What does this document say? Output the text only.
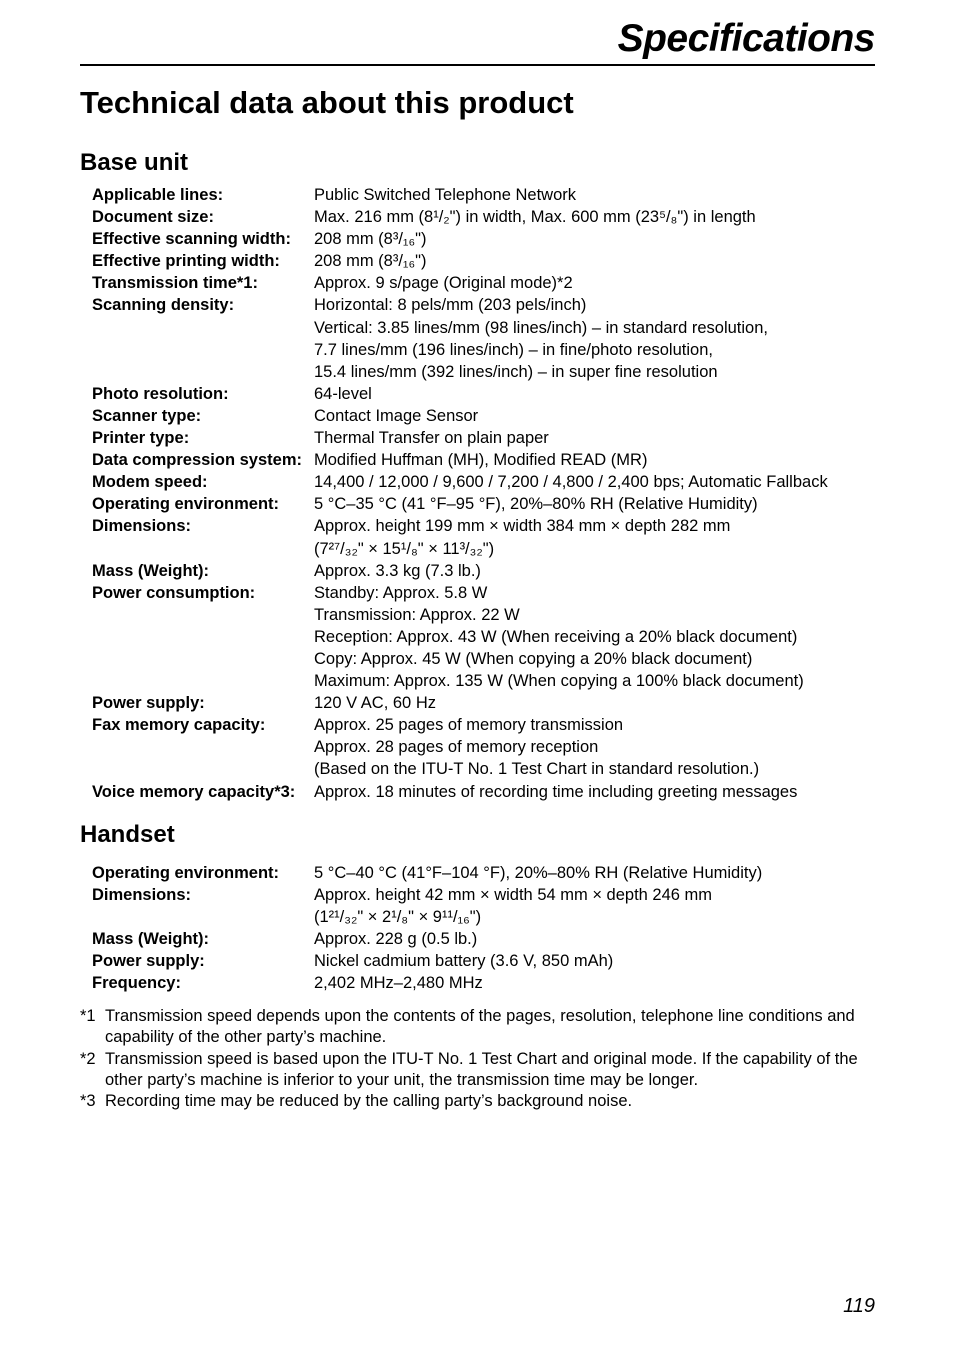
Specifications
Technical data about this product
Base unit
Applicable lines:	Public Switched Telephone Network
Document size:	Max. 216 mm (8¹/₂") in width, Max. 600 mm (23⁵/₈") in length
Effective scanning width:	208 mm (8³/₁₆")
Effective printing width:	208 mm (8³/₁₆")
Transmission time*1:	Approx. 9 s/page (Original mode)*2
Scanning density:	Horizontal: 8 pels/mm (203 pels/inch)
Vertical: 3.85 lines/mm (98 lines/inch) – in standard resolution,
7.7 lines/mm (196 lines/inch) – in fine/photo resolution,
15.4 lines/mm (392 lines/inch) – in super fine resolution
Photo resolution:	64-level
Scanner type:	Contact Image Sensor
Printer type:	Thermal Transfer on plain paper
Data compression system: Modified Huffman (MH), Modified READ (MR)
Modem speed:	14,400 / 12,000 / 9,600 / 7,200 / 4,800 / 2,400 bps; Automatic Fallback
Operating environment:	5 °C–35 °C (41 °F–95 °F), 20%–80% RH (Relative Humidity)
Dimensions:	Approx. height 199 mm × width 384 mm × depth 282 mm
(7²⁷/₃₂" × 15¹/₈" × 11³/₃₂")
Mass (Weight):	Approx. 3.3 kg (7.3 lb.)
Power consumption:	Standby: Approx. 5.8 W
Transmission: Approx. 22 W
Reception: Approx. 43 W (When receiving a 20% black document)
Copy: Approx. 45 W (When copying a 20% black document)
Maximum: Approx. 135 W (When copying a 100% black document)
Power supply:	120 V AC, 60 Hz
Fax memory capacity:	Approx. 25 pages of memory transmission
Approx. 28 pages of memory reception
(Based on the ITU-T No. 1 Test Chart in standard resolution.)
Voice memory capacity*3:	Approx. 18 minutes of recording time including greeting messages
Handset
Operating environment:	5 °C–40 °C (41°F–104 °F), 20%–80% RH (Relative Humidity)
Dimensions:	Approx. height 42 mm × width 54 mm × depth 246 mm
(1²¹/₃₂" × 2¹/₈" × 9¹¹/₁₆")
Mass (Weight):	Approx. 228 g (0.5 lb.)
Power supply:	Nickel cadmium battery (3.6 V, 850 mAh)
Frequency:	2,402 MHz–2,480 MHz
*1 Transmission speed depends upon the contents of the pages, resolution, telephone line conditions and capability of the other party’s machine.
*2 Transmission speed is based upon the ITU-T No. 1 Test Chart and original mode. If the capability of the other party’s machine is inferior to your unit, the transmission time may be longer.
*3 Recording time may be reduced by the calling party’s background noise.
119
